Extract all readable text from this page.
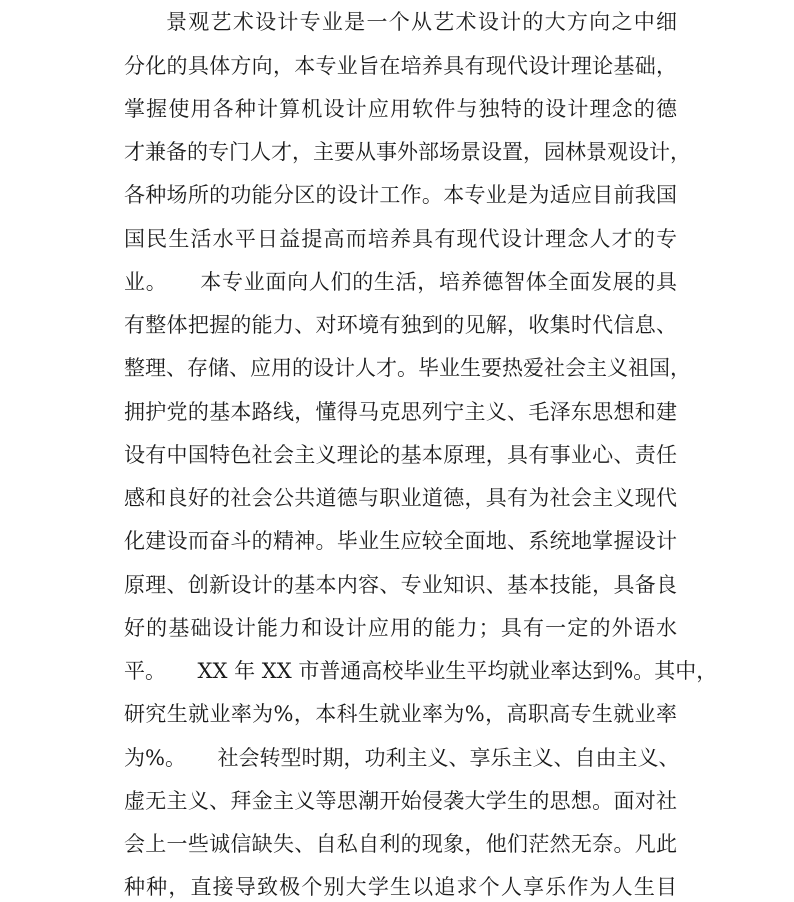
景观艺术设计专业是一个从艺术设计的大方向之中细
分化的具体方向，本专业旨在培养具有现代设计理论基础，
掌握使用各种计算机设计应用软件与独特的设计理念的德
才兼备的专门人才，主要从事外部场景设置，园林景观设计，
各种场所的功能分区的设计工作。本专业是为适应目前我国
国民生活水平日益提高而培养具有现代设计理念人才的专
业。　　本专业面向人们的生活，培养德智体全面发展的具
有整体把握的能力、对环境有独到的见解，收集时代信息、
整理、存储、应用的设计人才。毕业生要热爱社会主义祖国，
拥护党的基本路线，懂得马克思列宁主义、毛泽东思想和建
设有中国特色社会主义理论的基本原理，具有事业心、责任
感和良好的社会公共道德与职业道德，具有为社会主义现代
化建设而奋斗的精神。毕业生应较全面地、系统地掌握设计
原理、创新设计的基本内容、专业知识、基本技能，具备良
好的基础设计能力和设计应用的能力；具有一定的外语水
平。　　XX 年 XX 市普通高校毕业生平均就业率达到%。其中，
研究生就业率为%，本科生就业率为%，高职高专生就业率
为%。　　社会转型时期，功利主义、享乐主义、自由主义、
虚无主义、拜金主义等思潮开始侵袭大学生的思想。面对社
会上一些诚信缺失、自私自利的现象，他们茫然无奈。凡此
种种，直接导致极个别大学生以追求个人享乐作为人生目
